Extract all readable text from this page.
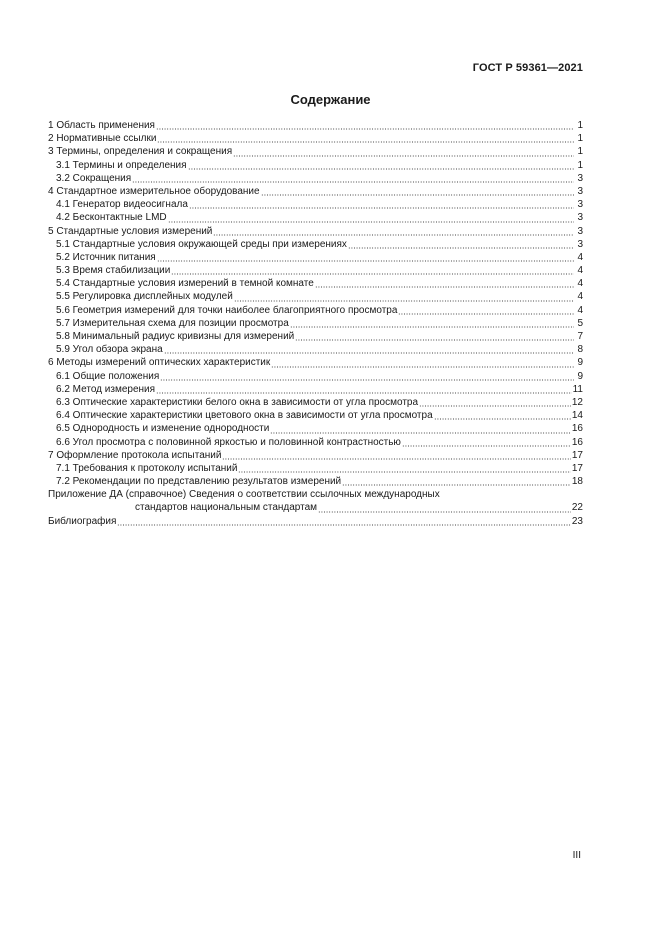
ГОСТ Р 59361—2021
Содержание
1 Область применения	1
2 Нормативные ссылки	1
3 Термины, определения и сокращения	1
3.1 Термины и определения	1
3.2 Сокращения	3
4 Стандартное измерительное оборудование	3
4.1 Генератор видеосигнала	3
4.2 Бесконтактные LMD	3
5 Стандартные условия измерений	3
5.1 Стандартные условия окружающей среды при измерениях	3
5.2 Источник питания	4
5.3 Время стабилизации	4
5.4 Стандартные условия измерений в темной комнате	4
5.5 Регулировка дисплейных модулей	4
5.6 Геометрия измерений для точки наиболее благоприятного просмотра	4
5.7 Измерительная схема для позиции просмотра	5
5.8 Минимальный радиус кривизны для измерений	7
5.9 Угол обзора экрана	8
6 Методы измерений оптических характеристик	9
6.1 Общие положения	9
6.2 Метод измерения	11
6.3 Оптические характеристики белого окна в зависимости от угла просмотра	12
6.4 Оптические характеристики цветового окна в зависимости от угла просмотра	14
6.5 Однородность и изменение однородности	16
6.6 Угол просмотра с половинной яркостью и половинной контрастностью	16
7 Оформление протокола испытаний	17
7.1 Требования к протоколу испытаний	17
7.2 Рекомендации по представлению результатов измерений	18
Приложение ДА (справочное) Сведения о соответствии ссылочных международных
стандартов национальным стандартам	22
Библиография	23
III
